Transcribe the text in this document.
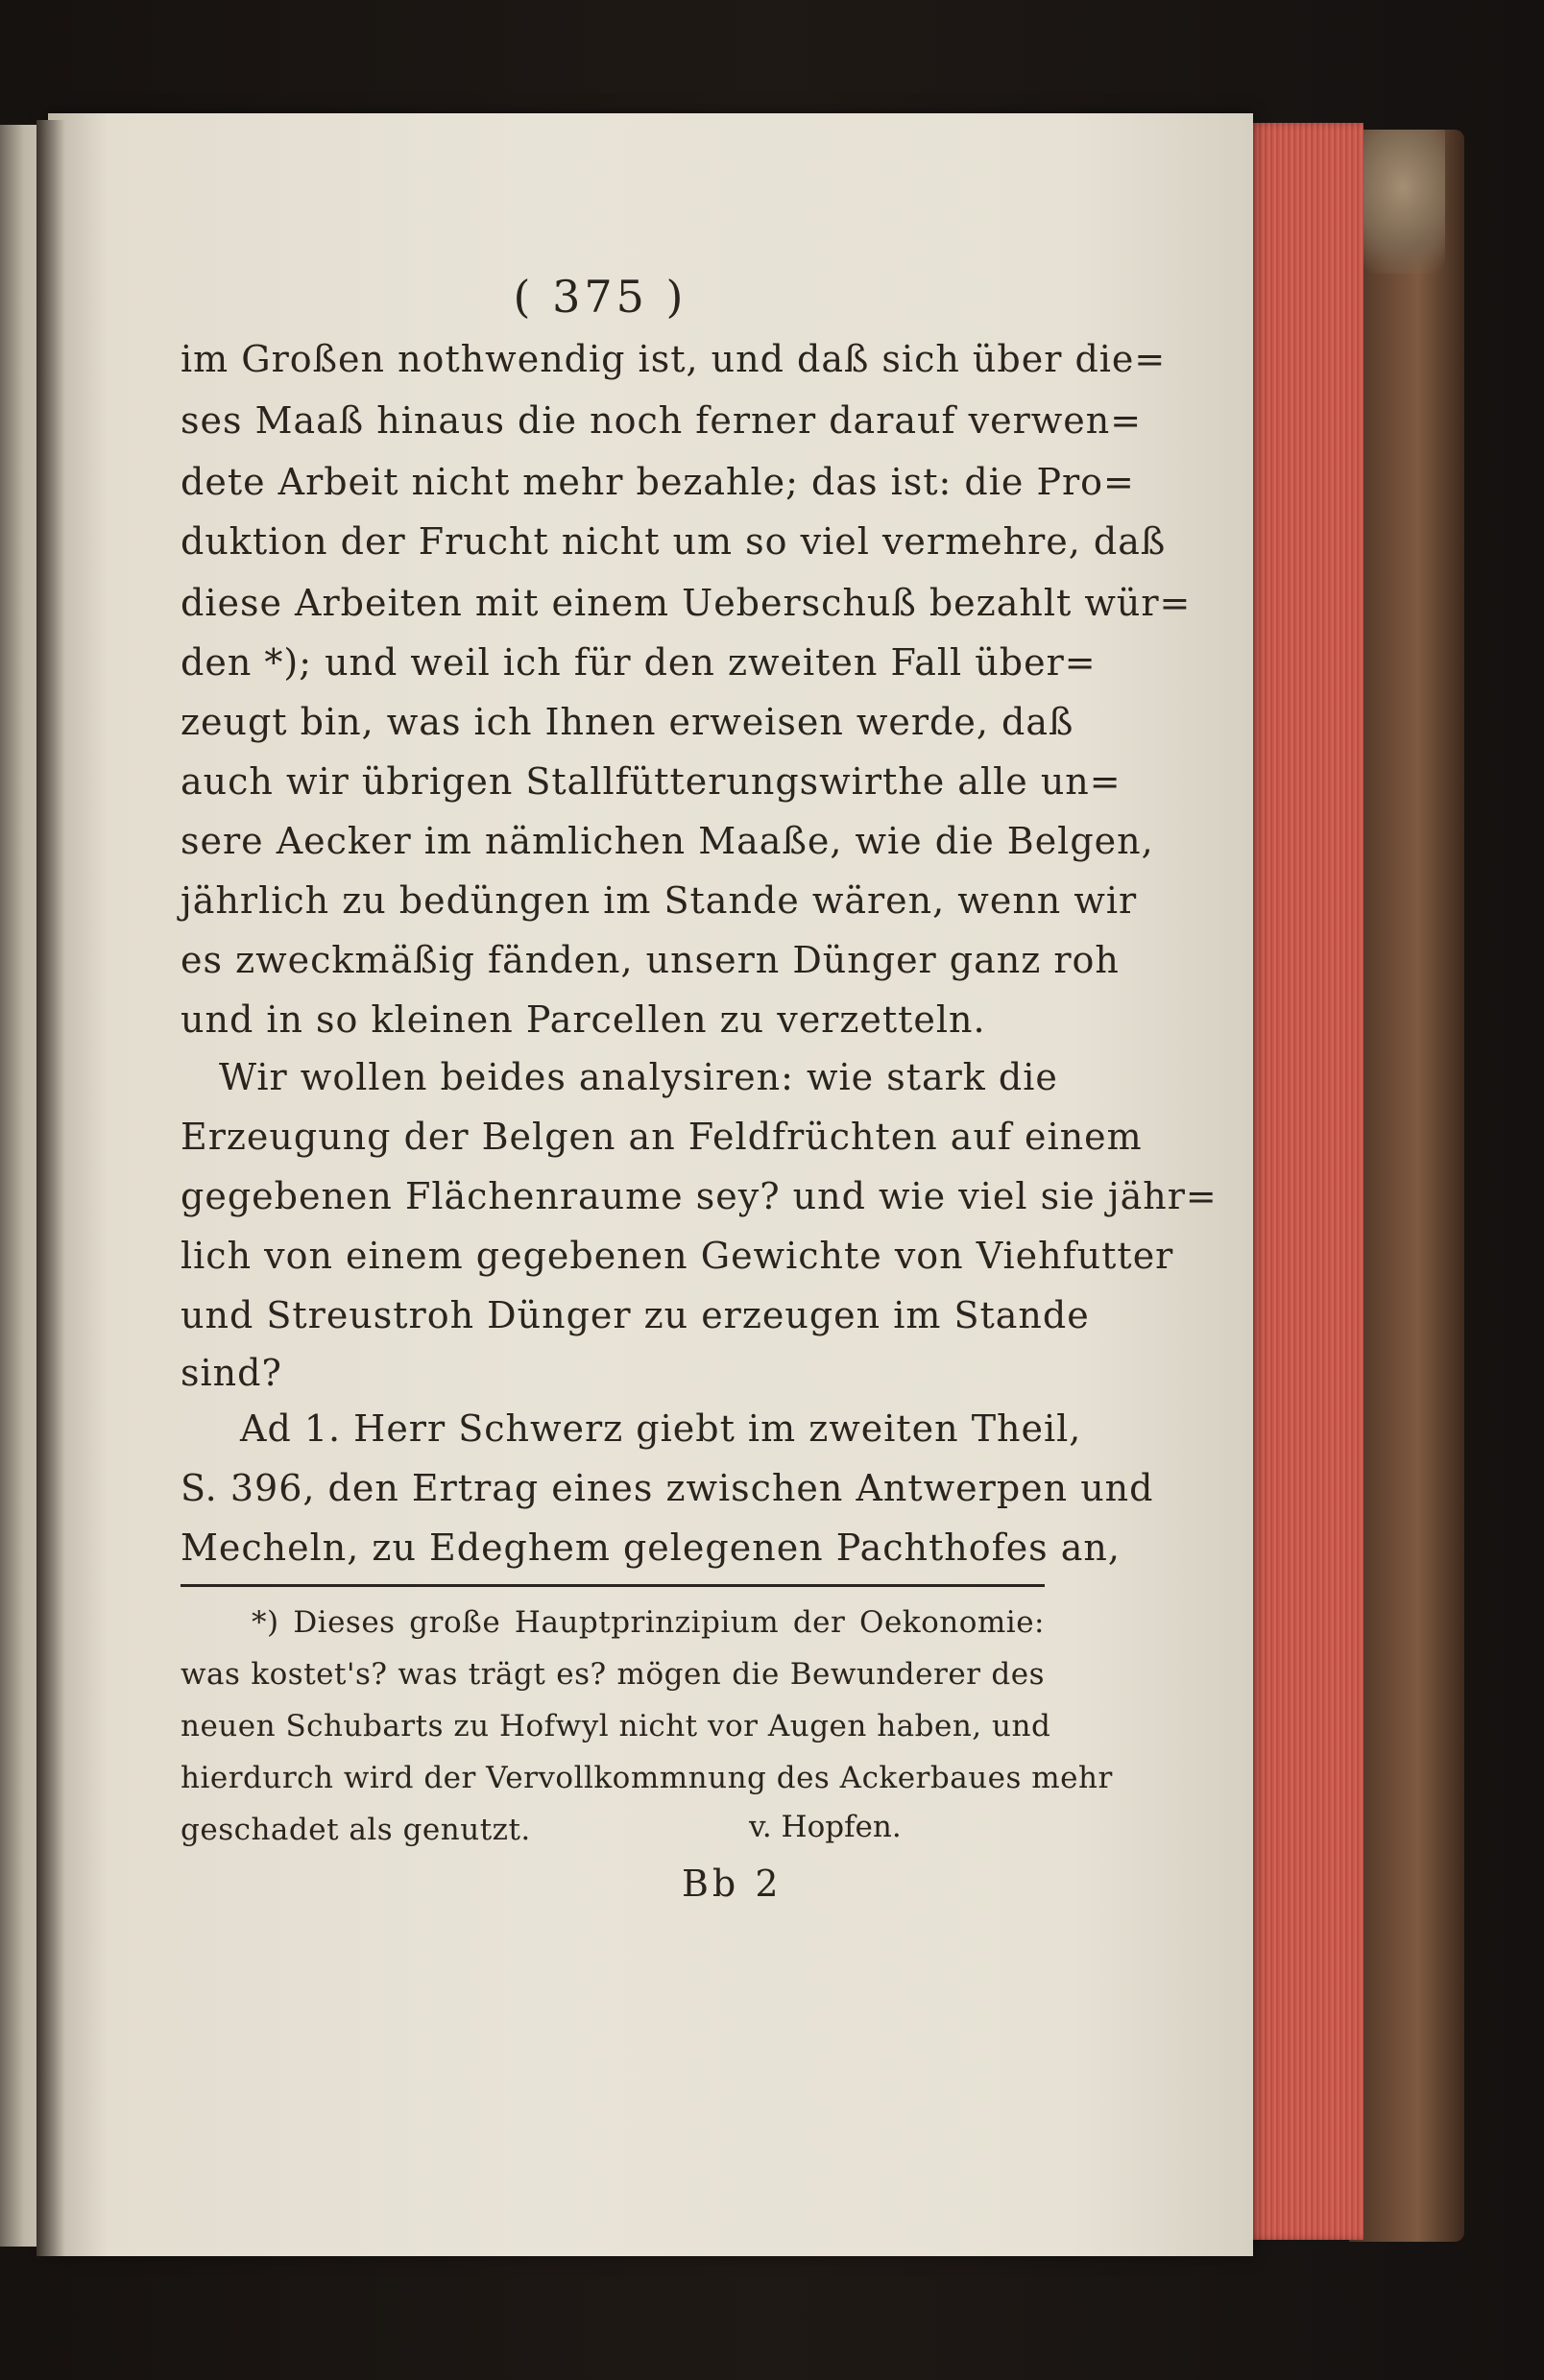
( 375 )
im Großen nothwendig ist, und daß sich über die=
ses Maaß hinaus die noch ferner darauf verwen=
dete Arbeit nicht mehr bezahle; das ist: die Pro=
duktion der Frucht nicht um so viel vermehre, daß
diese Arbeiten mit einem Ueberschuß bezahlt wür=
den *); und weil ich für den zweiten Fall über=
zeugt bin, was ich Ihnen erweisen werde, daß
auch wir übrigen Stallfütterungswirthe alle un=
sere Aecker im nämlichen Maaße, wie die Belgen,
jährlich zu bedüngen im Stande wären, wenn wir
es zweckmäßig fänden, unsern Dünger ganz roh
und in so kleinen Parcellen zu verzetteln.
Wir wollen beides analysiren: wie stark die
Erzeugung der Belgen an Feldfrüchten auf einem
gegebenen Flächenraume sey? und wie viel sie jähr=
lich von einem gegebenen Gewichte von Viehfutter
und Streustroh Dünger zu erzeugen im Stande
sind?
Ad 1. Herr Schwerz giebt im zweiten Theil,
S. 396, den Ertrag eines zwischen Antwerpen und
Mecheln, zu Edeghem gelegenen Pachthofes an,
*) Dieses große Hauptprinzipium der Oekonomie:
was kostet's? was trägt es? mögen die Bewunderer des
neuen Schubarts zu Hofwyl nicht vor Augen haben, und
hierdurch wird der Vervollkommnung des Ackerbaues mehr
geschadet als genutzt.	v. Hopfen.
Bb 2
